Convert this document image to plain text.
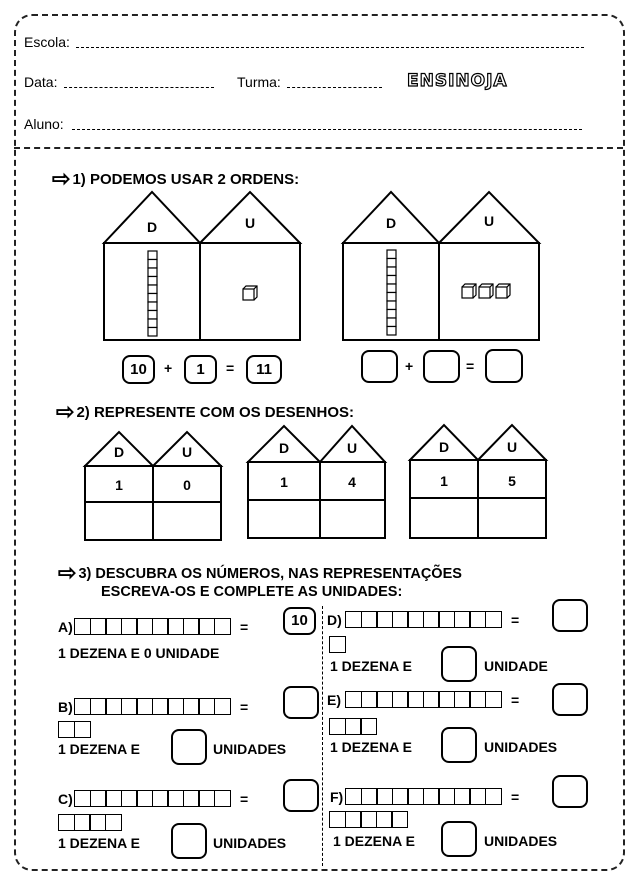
Escola:
Data:	Turma:	ENSINOJA
Aluno:
⇨ 1) PODEMOS USAR 2 ORDENS:
D	U	D	U
10	+	1	=	11	+	=
⇨ 2) REPRESENTE COM OS DESENHOS:
D	U
1	0
D	U
1	4
D	U
1	5
⇨ 3) DESCUBRA OS NÚMEROS, NAS REPRESENTAÇÕES
ESCREVA-OS E COMPLETE AS UNIDADES:
A)	=	10
1 DEZENA E 0 UNIDADE
B)	=
1 DEZENA E	UNIDADES
C)	=
1 DEZENA E	UNIDADES
D)	=
1 DEZENA E	UNIDADE
E)	=
1 DEZENA E	UNIDADES
F)	=
1 DEZENA E	UNIDADES
